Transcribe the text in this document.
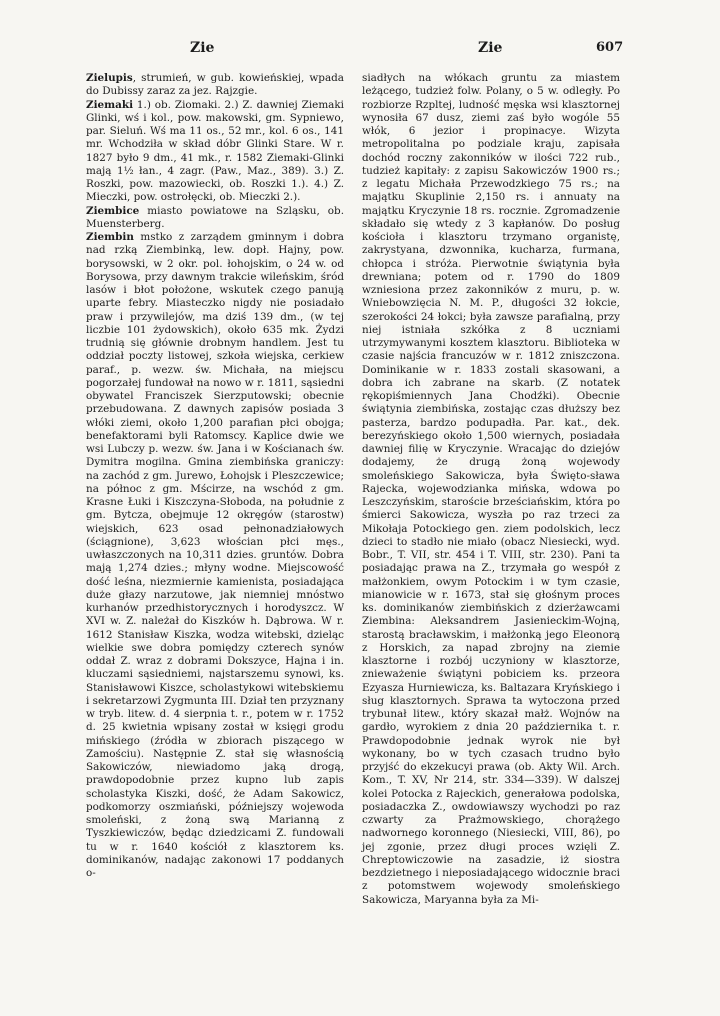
Zie	Zie	607

Zielupis, strumień, w gub. kowieńskiej, wpada do Dubissy zaraz za jez. Rajzgie.

Ziemaki 1.) ob. Ziomaki. 2.) Z. dawniej Ziemaki Glinki, wś i kol., pow. makowski, gm. Sypniewo, par. Sieluń. Wś ma 11 os., 52 mr., kol. 6 os., 141 mr. Wchodziła w skład dóbr Glinki Stare. W r. 1827 było 9 dm., 41 mk., r. 1582 Ziemaki-Glinki mają 1½ łan., 4 zagr. (Paw., Maz., 389). 3.) Z. Roszki, pow. mazowiecki, ob. Roszki 1.). 4.) Z. Mieczki, pow. ostrołęcki, ob. Mieczki 2.).

Ziembice miasto powiatowe na Szląsku, ob. Muensterberg.

Ziembin mstko z zarządem gminnym i dobra nad rzką Ziembinką, lew. dopł. Hajny, pow. borysowski, w 2 okr. pol. łohojskim, o 24 w. od Borysowa, przy dawnym trakcie wileńskim, śród lasów i błot położone, wskutek czego panują uparte febry. Miasteczko nigdy nie posiadało praw i przywilejów, ma dziś 139 dm., (w tej liczbie 101 żydowskich), około 635 mk. Żydzi trudnią się głównie drobnym handlem. Jest tu oddział poczty listowej, szkoła wiejska, cerkiew paraf., p. wezw. św. Michała, na miejscu pogorzałej fundował na nowo w r. 1811, sąsiedni obywatel Franciszek Sierzputowski; obecnie przebudowana. Z dawnych zapisów posiada 3 włóki ziemi, około 1,200 parafian płci obojga; benefaktorami byli Ratomscy. Kaplice dwie we wsi Lubczy p. wezw. św. Jana i w Kościanach św. Dymitra mogilna. Gmina ziembińska graniczy: na zachód z gm. Jurewo, Łohojsk i Pleszczewice; na północ z gm. Mścirze, na wschód z gm. Krasne Łuki i Kiszczyna-Słoboda, na południe z gm. Bytcza, obejmuje 12 okręgów (starostw) wiejskich, 623 osad pełnonadziałowych (ściągnione), 3,623 włościan płci męs., uwłaszczonych na 10,311 dzies. gruntów. Dobra mają 1,274 dzies.; młyny wodne. Miejscowość dość leśna, niezmiernie kamienista, posiadająca duże głazy narzutowe, jak niemniej mnóstwo kurhanów przedhistorycznych i horodyszcz. W XVI w. Z. należał do Kiszków h. Dąbrowa. W r. 1612 Stanisław Kiszka, wodza witebski, dzieląc wielkie swe dobra pomiędzy czterech synów oddał Z. wraz z dobrami Dokszyce, Hajna i in. kluczami sąsiedniemi, najstarszemu synowi, ks. Stanisławowi Kiszce, scholastykowi witebskiemu i sekretarzowi Zygmunta III. Dział ten przyznany w tryb. litew. d. 4 sierpnia t. r., potem w r. 1752 d. 25 kwietnia wpisany został w księgi grodu mińskiego (źródła w zbiorach piszącego w Zamościu). Następnie Z. stał się własnością Sakowiczów, niewiadomo jaką drogą, prawdopodobnie przez kupno lub zapis scholastyka Kiszki, dość, że Adam Sakowicz, podkomorzy oszmiański, późniejszy wojewoda smoleński, z żoną swą Marianną z Tyszkiewiczów, będąc dziedzicami Z. fundowali tu w r. 1640 kościół z klasztorem ks. dominikanów, nadając zakonowi 17 poddanych o-

siadłych na włókach gruntu za miastem leżącego, tudzież folw. Polany, o 5 w. odległy. Po rozbiorze Rzpltej, ludność męska wsi klasztornej wynosiła 67 dusz, ziemi zaś było wogóle 55 włók, 6 jezior i propinacye. Wizyta metropolitalna po podziale kraju, zapisała dochód roczny zakonników w ilości 722 rub., tudzież kapitały: z zapisu Sakowiczów 1900 rs.; z legatu Michała Przewodzkiego 75 rs.; na majątku Skuplinie 2,150 rs. i annuaty na majątku Kryczynie 18 rs. rocznie. Zgromadzenie składało się wtedy z 3 kapłanów. Do posług kościoła i klasztoru trzymano organistę, zakrystyana, dzwonnika, kucharza, furmana, chłopca i stróża. Pierwotnie świątynia była drewniana; potem od r. 1790 do 1809 wzniesiona przez zakonników z muru, p. w. Wniebowzięcia N. M. P., długości 32 łokcie, szerokości 24 łokci; była zawsze parafialną, przy niej istniała szkółka z 8 uczniami utrzymywanymi kosztem klasztoru. Biblioteka w czasie najścia francuzów w r. 1812 zniszczona. Dominikanie w r. 1833 zostali skasowani, a dobra ich zabrane na skarb. (Z notatek rękopiśmiennych Jana Chodźki). Obecnie świątynia ziembińska, zostając czas dłuższy bez pasterza, bardzo podupadła. Par. kat., dek. berezyńskiego około 1,500 wiernych, posiadała dawniej filię w Kryczynie. Wracając do dziejów dodajemy, że drugą żoną wojewody smoleńskiego Sakowicza, była Święto-sława Rajecka, wojewodzianka mińska, wdowa po Leszczyńskim, staroście brześciańskim, która po śmierci Sakowicza, wyszła po raz trzeci za Mikołaja Potockiego gen. ziem podolskich, lecz dzieci to stadło nie miało (obacz Niesiecki, wyd. Bobr., T. VII, str. 454 i T. VIII, str. 230). Pani ta posiadając prawa na Z., trzymała go wespół z małżonkiem, owym Potockim i w tym czasie, mianowicie w r. 1673, stał się głośnym proces ks. dominikanów ziembińskich z dzierżawcami Ziembina: Aleksandrem Jasienieckim-Wojną, starostą bracławskim, i małżonką jego Eleonorą z Horskich, za napad zbrojny na ziemie klasztorne i rozbój uczyniony w klasztorze, znieważenie świątyni pobiciem ks. przeora Ezyasza Hurniewicza, ks. Baltazara Kryńskiego i sług klasztornych. Sprawa ta wytoczona przed trybunał litew., który skazał małż. Wojnów na gardło, wyrokiem z dnia 20 października t. r. Prawdopodobnie jednak wyrok nie był wykonany, bo w tych czasach trudno było przyjść do ekzekucyi prawa (ob. Akty Wil. Arch. Kom., T. XV, Nr 214, str. 334—339). W dalszej kolei Potocka z Rajeckich, generałowa podolska, posiadaczka Z., owdowiawszy wychodzi po raz czwarty za Prażmowskiego, chorążego nadwornego koronnego (Niesiecki, VIII, 86), po jej zgonie, przez długi proces wzięli Z. Chreptowiczowie na zasadzie, iż siostra bezdzietnego i nieposiadającego widocznie braci z potomstwem wojewody smoleńskiego Sakowicza, Maryanna była za Mi-
